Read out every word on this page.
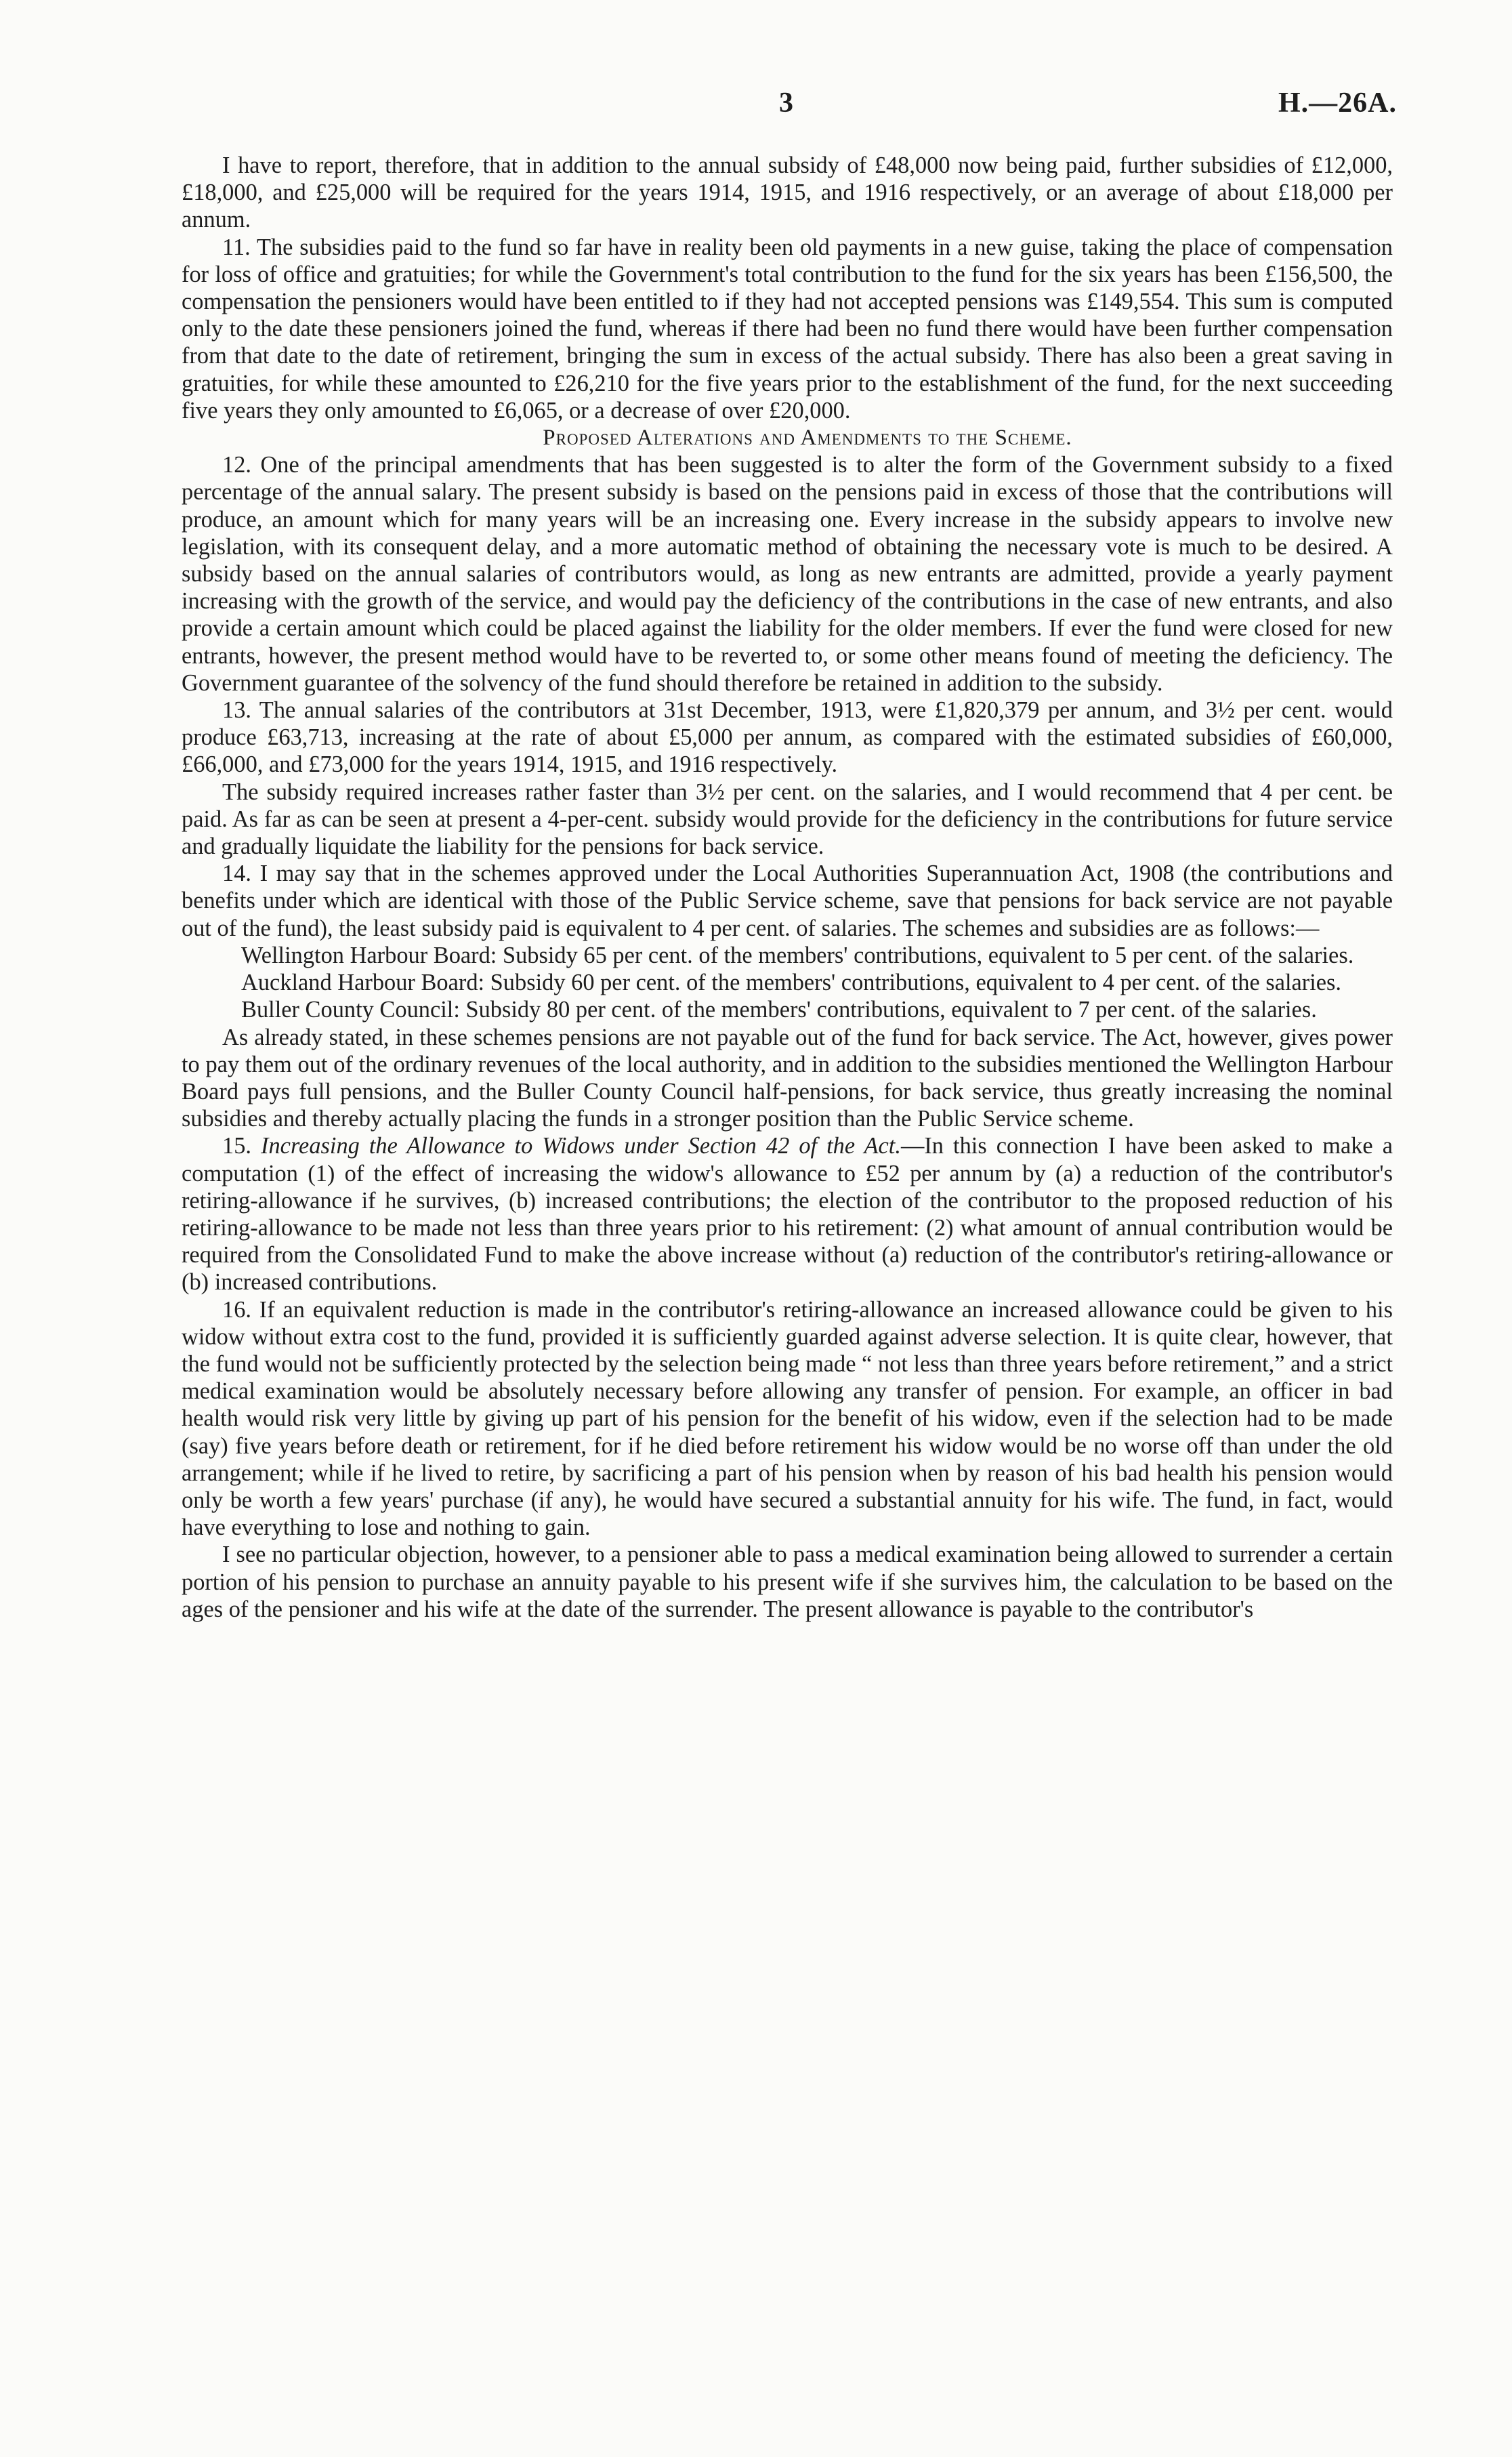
3	H.—26A.

I have to report, therefore, that in addition to the annual subsidy of £48,000 now being paid, further subsidies of £12,000, £18,000, and £25,000 will be required for the years 1914, 1915, and 1916 respectively, or an average of about £18,000 per annum.

11. The subsidies paid to the fund so far have in reality been old payments in a new guise, taking the place of compensation for loss of office and gratuities; for while the Government's total contribution to the fund for the six years has been £156,500, the compensation the pensioners would have been entitled to if they had not accepted pensions was £149,554. This sum is computed only to the date these pensioners joined the fund, whereas if there had been no fund there would have been further compensation from that date to the date of retirement, bringing the sum in excess of the actual subsidy. There has also been a great saving in gratuities, for while these amounted to £26,210 for the five years prior to the establishment of the fund, for the next succeeding five years they only amounted to £6,065, or a decrease of over £20,000.

Proposed Alterations and Amendments to the Scheme.

12. One of the principal amendments that has been suggested is to alter the form of the Government subsidy to a fixed percentage of the annual salary. The present subsidy is based on the pensions paid in excess of those that the contributions will produce, an amount which for many years will be an increasing one. Every increase in the subsidy appears to involve new legislation, with its consequent delay, and a more automatic method of obtaining the necessary vote is much to be desired. A subsidy based on the annual salaries of contributors would, as long as new entrants are admitted, provide a yearly payment increasing with the growth of the service, and would pay the deficiency of the contributions in the case of new entrants, and also provide a certain amount which could be placed against the liability for the older members. If ever the fund were closed for new entrants, however, the present method would have to be reverted to, or some other means found of meeting the deficiency. The Government guarantee of the solvency of the fund should therefore be retained in addition to the subsidy.

13. The annual salaries of the contributors at 31st December, 1913, were £1,820,379 per annum, and 3½ per cent. would produce £63,713, increasing at the rate of about £5,000 per annum, as compared with the estimated subsidies of £60,000, £66,000, and £73,000 for the years 1914, 1915, and 1916 respectively.

The subsidy required increases rather faster than 3½ per cent. on the salaries, and I would recommend that 4 per cent. be paid. As far as can be seen at present a 4-per-cent. subsidy would provide for the deficiency in the contributions for future service and gradually liquidate the liability for the pensions for back service.

14. I may say that in the schemes approved under the Local Authorities Superannuation Act, 1908 (the contributions and benefits under which are identical with those of the Public Service scheme, save that pensions for back service are not payable out of the fund), the least subsidy paid is equivalent to 4 per cent. of salaries. The schemes and subsidies are as follows:—

Wellington Harbour Board: Subsidy 65 per cent. of the members' contributions, equivalent to 5 per cent. of the salaries.

Auckland Harbour Board: Subsidy 60 per cent. of the members' contributions, equivalent to 4 per cent. of the salaries.

Buller County Council: Subsidy 80 per cent. of the members' contributions, equivalent to 7 per cent. of the salaries.

As already stated, in these schemes pensions are not payable out of the fund for back service. The Act, however, gives power to pay them out of the ordinary revenues of the local authority, and in addition to the subsidies mentioned the Wellington Harbour Board pays full pensions, and the Buller County Council half-pensions, for back service, thus greatly increasing the nominal subsidies and thereby actually placing the funds in a stronger position than the Public Service scheme.

15. Increasing the Allowance to Widows under Section 42 of the Act.—In this connection I have been asked to make a computation (1) of the effect of increasing the widow's allowance to £52 per annum by (a) a reduction of the contributor's retiring-allowance if he survives, (b) increased contributions; the election of the contributor to the proposed reduction of his retiring-allowance to be made not less than three years prior to his retirement: (2) what amount of annual contribution would be required from the Consolidated Fund to make the above increase without (a) reduction of the contributor's retiring-allowance or (b) increased contributions.

16. If an equivalent reduction is made in the contributor's retiring-allowance an increased allowance could be given to his widow without extra cost to the fund, provided it is sufficiently guarded against adverse selection. It is quite clear, however, that the fund would not be sufficiently protected by the selection being made “ not less than three years before retirement,” and a strict medical examination would be absolutely necessary before allowing any transfer of pension. For example, an officer in bad health would risk very little by giving up part of his pension for the benefit of his widow, even if the selection had to be made (say) five years before death or retirement, for if he died before retirement his widow would be no worse off than under the old arrangement; while if he lived to retire, by sacrificing a part of his pension when by reason of his bad health his pension would only be worth a few years' purchase (if any), he would have secured a substantial annuity for his wife. The fund, in fact, would have everything to lose and nothing to gain.

I see no particular objection, however, to a pensioner able to pass a medical examination being allowed to surrender a certain portion of his pension to purchase an annuity payable to his present wife if she survives him, the calculation to be based on the ages of the pensioner and his wife at the date of the surrender. The present allowance is payable to the contributor's
